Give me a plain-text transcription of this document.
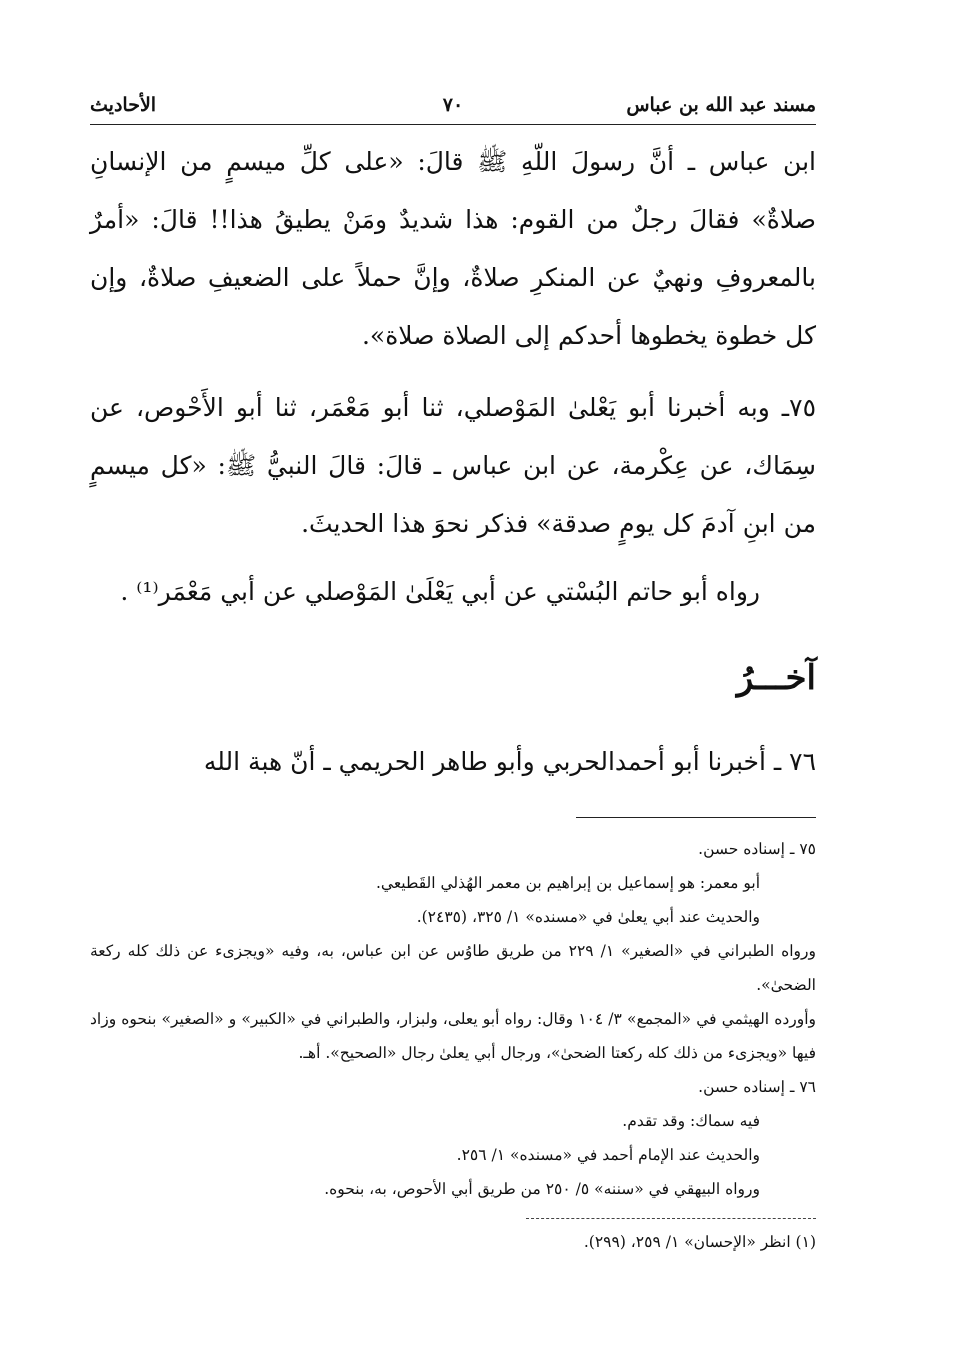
مسند عبد الله بن عباس
٧٠
الأحاديث

ابن عباس ـ أنَّ رسولَ اللّهِ ﷺ قالَ: «على كلِّ ميسمٍ من الإنسانِ صلاةٌ» فقالَ رجلٌ من القوم: هذا شديدٌ ومَنْ يطيقُ هذا!! قالَ: «أمرٌ بالمعروفِ ونهيٌ عن المنكرِ صلاةٌ، وإنَّ حملاً على الضعيفِ صلاةٌ، وإن كل خطوة يخطوها أحدكم إلى الصلاة صلاة».

٧٥ـ وبه أخبرنا أبو يَعْلىٰ المَوْصلي، ثنا أبو مَعْمَر، ثنا أبو الأَحْوص، عن سِمَاك، عن عِكْرمة، عن ابن عباس ـ قالَ: قالَ النبيُّ ﷺ: «كل ميسمٍ من ابنِ آدمَ كل يومٍ صدقة» فذكر نحوَ هذا الحديثَ.

رواه أبو حاتم البُسْتي عن أبي يَعْلَىٰ المَوْصلي عن أبي مَعْمَر⁽¹⁾ .

آخـــرُ

٧٦ ـ أخبرنا أبو أحمدالحربي وأبو طاهر الحريمي ـ أنّ هبة الله

٧٥ ـ إسناده حسن.

أبو معمر: هو إسماعيل بن إبراهيم بن معمر الهُذلي القَطيعي.

والحديث عند أبي يعلىٰ في «مسنده» ١/ ٣٢٥، (٢٤٣٥).

ورواه الطبراني في «الصغير» ١/ ٢٢٩ من طريق طاوُس عن ابن عباس، به، وفيه «ويجزىء عن ذلك كله ركعة الضحىٰ».

وأورده الهيثمي في «المجمع» ٣/ ١٠٤ وقال: رواه أبو يعلى، ولبزار، والطبراني في «الكبير» و «الصغير» بنحوه وزاد فيها «ويجزىء من ذلك كله ركعتا الضحىٰ»، ورجال أبي يعلىٰ رجال «الصحيح». أهـ.

٧٦ ـ إسناده حسن.

فيه سماك: وقد تقدم.

والحديث عند الإمام أحمد في «مسنده» ١/ ٢٥٦.

ورواه البيهقي في «سننه» ٥/ ٢٥٠ من طريق أبي الأحوص، به، بنحوه.

(١) انظر «الإحسان» ١/ ٢٥٩، (٢٩٩).
